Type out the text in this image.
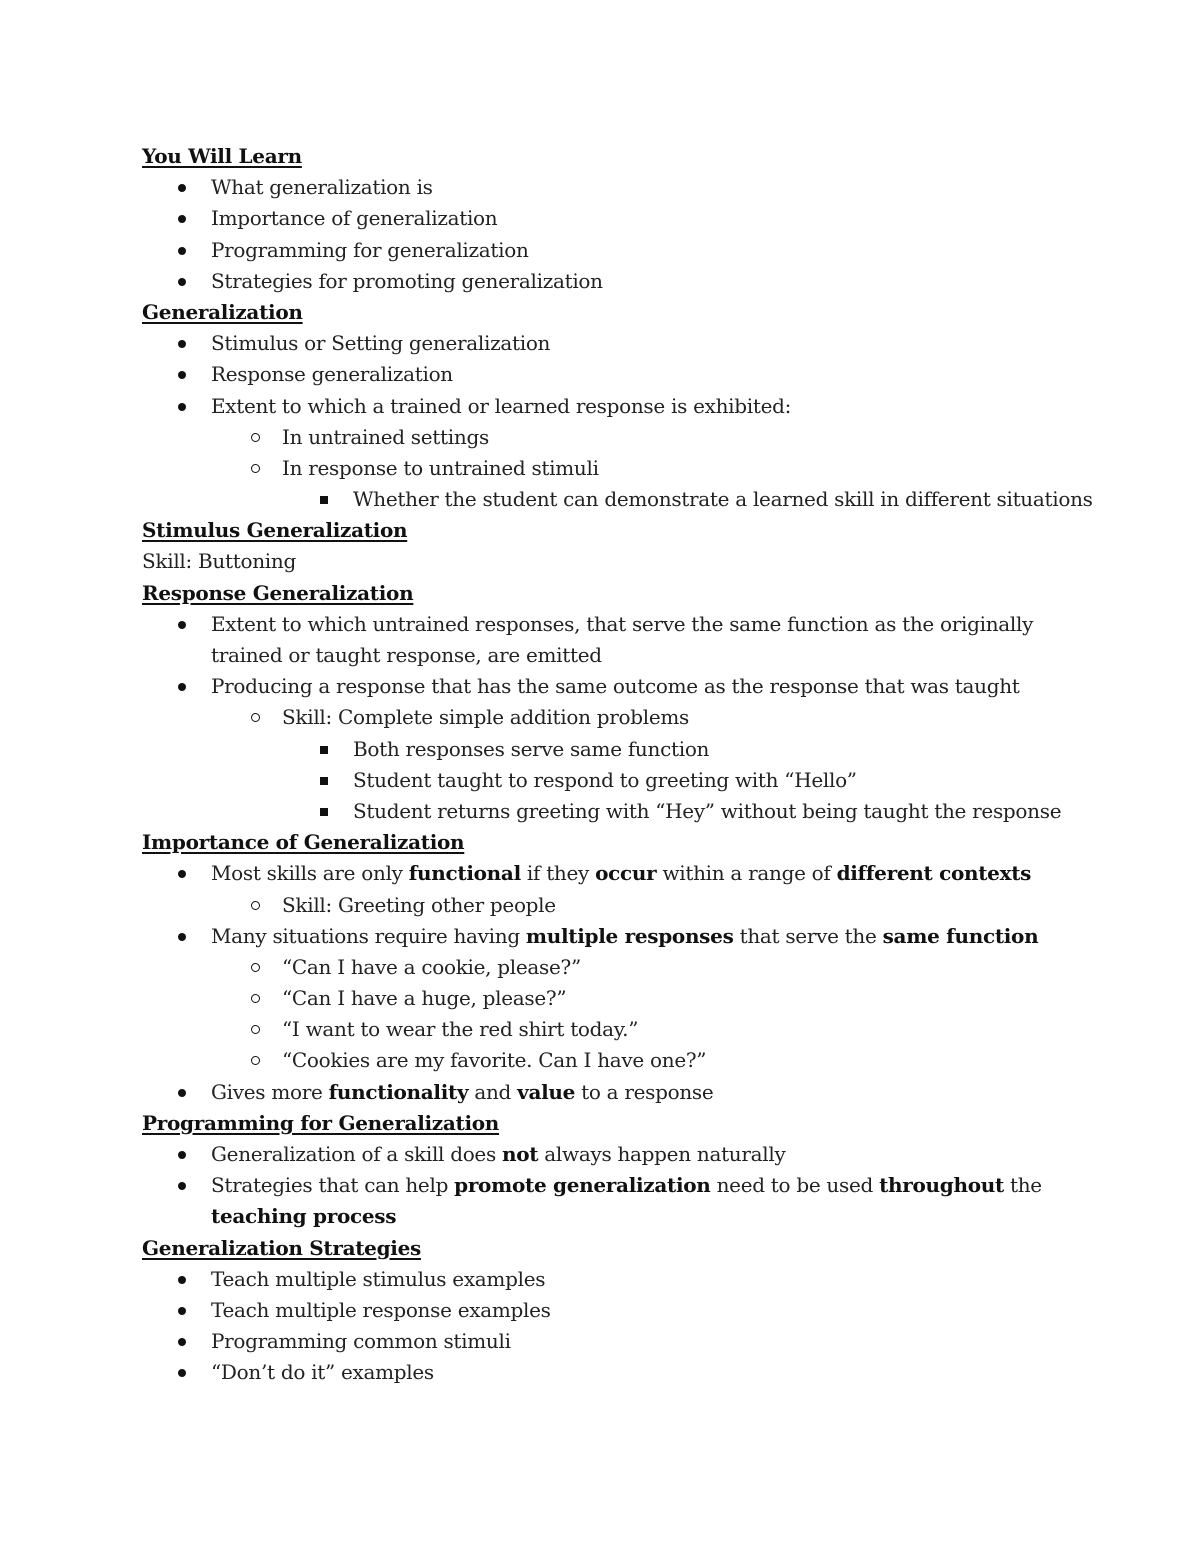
You Will Learn
What generalization is
Importance of generalization
Programming for generalization
Strategies for promoting generalization
Generalization
Stimulus or Setting generalization
Response generalization
Extent to which a trained or learned response is exhibited:
In untrained settings
In response to untrained stimuli
Whether the student can demonstrate a learned skill in different situations
Stimulus Generalization
Skill: Buttoning
Response Generalization
Extent to which untrained responses, that serve the same function as the originally trained or taught response, are emitted
Producing a response that has the same outcome as the response that was taught
Skill: Complete simple addition problems
Both responses serve same function
Student taught to respond to greeting with “Hello”
Student returns greeting with “Hey” without being taught the response
Importance of Generalization
Most skills are only functional if they occur within a range of different contexts
Skill: Greeting other people
Many situations require having multiple responses that serve the same function
“Can I have a cookie, please?”
“Can I have a huge, please?”
“I want to wear the red shirt today.”
“Cookies are my favorite. Can I have one?”
Gives more functionality and value to a response
Programming for Generalization
Generalization of a skill does not always happen naturally
Strategies that can help promote generalization need to be used throughout the
teaching process
Generalization Strategies
Teach multiple stimulus examples
Teach multiple response examples
Programming common stimuli
“Don’t do it” examples
